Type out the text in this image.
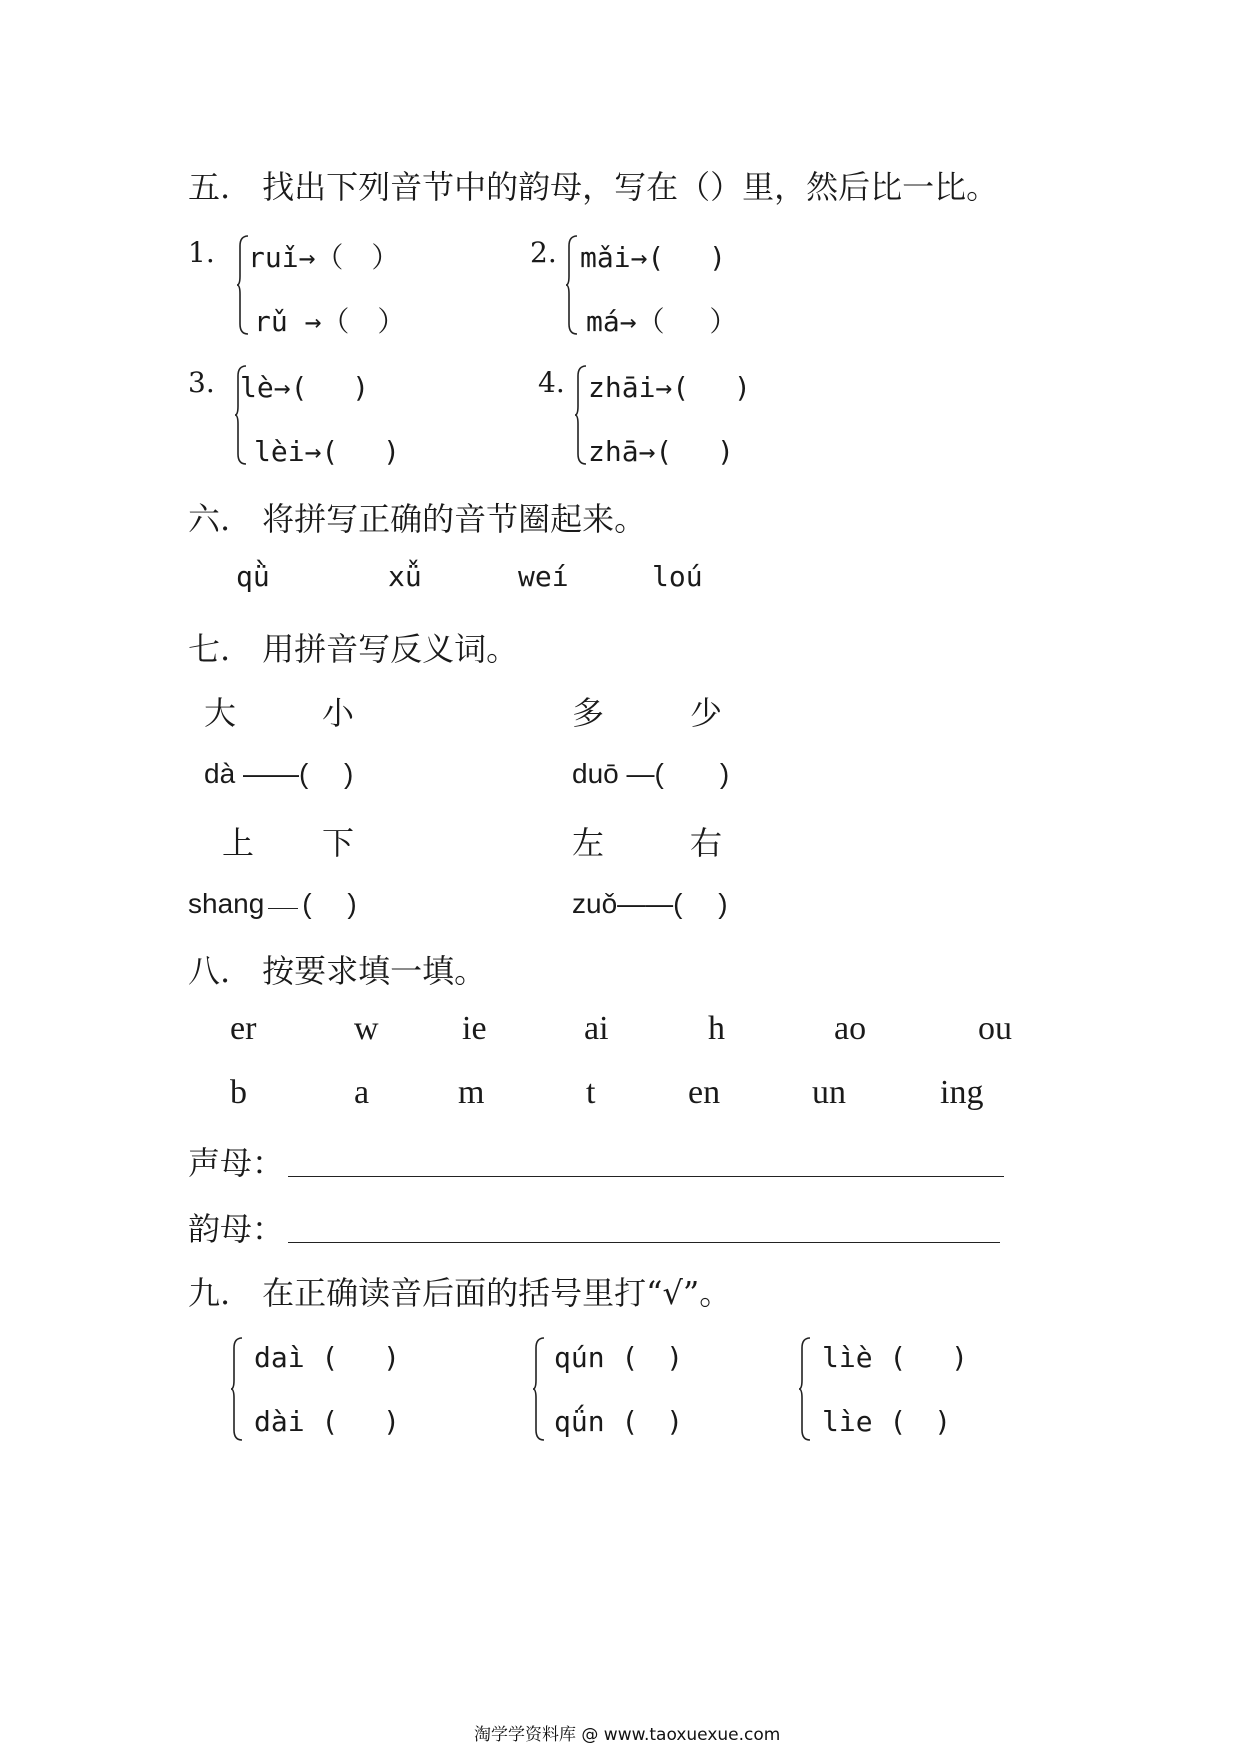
五.　找出下列音节中的韵母，写在（）里，然后比一比。
1. ruǐ→（　）
rǔ →（　）
2. mǎi→(　 )
má→（　 ）
3. lè→(　 )
lèi→(　 )
4. zhāi→(　 )
zhā→(　 )
六.　将拼写正确的音节圈起来。
qǜ	xǚ	weí	loú
七.　用拼音写反义词。
大	小	多	少
dà ——(　 )	duō —(　　)
上 下	左	右
shang (　 )	zuǒ——(　 )
八.　按要求填一填。
er	w ie	ai	h	ao	ou
b	a	m	t	en	un	ing
声母：
韵母：
九.　在正确读音后面的括号里打“√”。
daì (　 )
dài (　 )
qún (　)
qǘn (　)
lìè (　 )
lìe (　)
淘学学资料库 @ www.taoxuexue.com
